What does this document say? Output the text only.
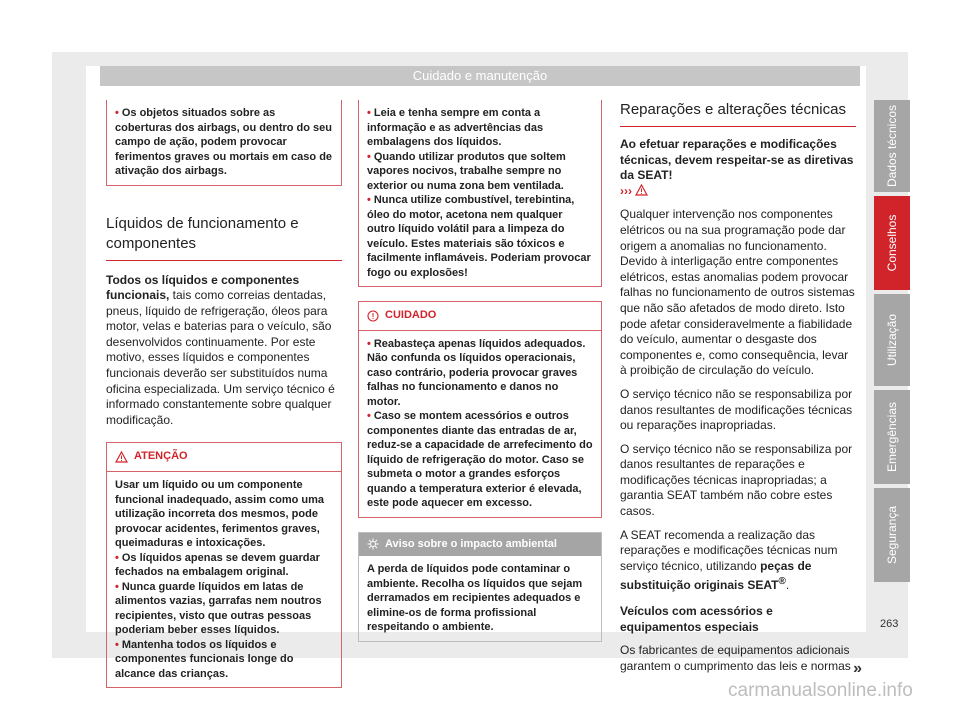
Cuidado e manutenção
• Os objetos situados sobre as coberturas dos airbags, ou dentro do seu campo de ação, podem provocar ferimentos graves ou mortais em caso de ativação dos airbags.
Líquidos de funcionamento e componentes

Todos os líquidos e componentes funcionais, tais como correias dentadas, pneus, líquido de refrigeração, óleos para motor, velas e baterias para o veículo, são desenvolvidos continuamente. Por este motivo, esses líquidos e componentes funcionais deverão ser substituídos numa oficina especializada. Um serviço técnico é informado constantemente sobre qualquer modificação.

ATENÇÃO
Usar um líquido ou um componente funcional inadequado, assim como uma utilização incorreta dos mesmos, pode provocar acidentes, ferimentos graves, queimaduras e intoxicações.
• Os líquidos apenas se devem guardar fechados na embalagem original.
• Nunca guarde líquidos em latas de alimentos vazias, garrafas nem noutros recipientes, visto que outras pessoas poderiam beber esses líquidos.
• Mantenha todos os líquidos e componentes funcionais longe do alcance das crianças.
• Leia e tenha sempre em conta a informação e as advertências das embalagens dos líquidos.
• Quando utilizar produtos que soltem vapores nocivos, trabalhe sempre no exterior ou numa zona bem ventilada.
• Nunca utilize combustível, terebintina, óleo do motor, acetona nem qualquer outro líquido volátil para a limpeza do veículo. Estes materiais são tóxicos e facilmente inflamáveis. Poderiam provocar fogo ou explosões!
CUIDADO
• Reabasteça apenas líquidos adequados. Não confunda os líquidos operacionais, caso contrário, poderia provocar graves falhas no funcionamento e danos no motor.
• Caso se montem acessórios e outros componentes diante das entradas de ar, reduz-se a capacidade de arrefecimento do líquido de refrigeração do motor. Caso se submeta o motor a grandes esforços quando a temperatura exterior é elevada, este pode aquecer em excesso.
Aviso sobre o impacto ambiental
A perda de líquidos pode contaminar o ambiente. Recolha os líquidos que sejam derramados em recipientes adequados e elimine-os de forma profissional respeitando o ambiente.
Reparações e alterações técnicas

Ao efetuar reparações e modificações técnicas, devem respeitar-se as diretivas da SEAT!
›››

Qualquer intervenção nos componentes elétricos ou na sua programação pode dar origem a anomalias no funcionamento. Devido à interligação entre componentes elétricos, estas anomalias podem provocar falhas no funcionamento de outros sistemas que não são afetados de modo direto. Isto pode afetar consideravelmente a fiabilidade do veículo, aumentar o desgaste dos componentes e, como consequência, levar à proibição de circulação do veículo.

O serviço técnico não se responsabiliza por danos resultantes de modificações técnicas ou reparações inapropriadas.

O serviço técnico não se responsabiliza por danos resultantes de reparações e modificações técnicas inapropriadas; a garantia SEAT também não cobre estes casos.

A SEAT recomenda a realização das reparações e modificações técnicas num serviço técnico, utilizando peças de substituição originais SEAT®.

Veículos com acessórios e equipamentos especiais

Os fabricantes de equipamentos adicionais garantem o cumprimento das leis e normas »

Dados técnicos
Conselhos
Utilização
Emergências
Segurança
263
carmanualsonline.info
